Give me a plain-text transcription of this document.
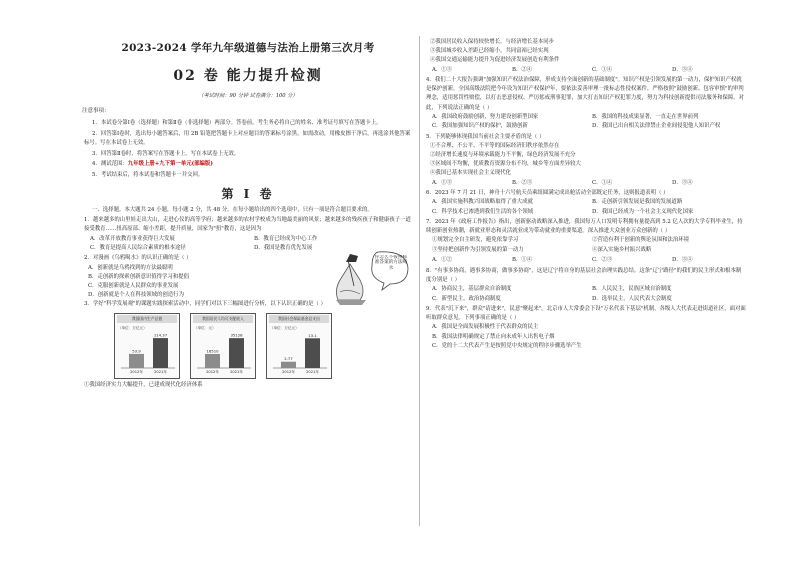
2023-2024 学年九年级道德与法治上册第三次月考
02 卷 能力提升检测
（考试时间：90 分钟 试卷满分：100 分）
注意事项：
1．本试卷分第Ⅰ卷（选择题）和第Ⅱ卷（非选择题）两部分。答卷前，考生务必将自己的姓名、准考证号填写在答题卡上。
2．回答第Ⅰ卷时，选出每小题答案后，用 2B 铅笔把答题卡上对应题目的答案标号涂黑。如需改动，用橡皮擦干净后，再选涂其他答案标号。写在本试卷上无效。
3．回答第Ⅱ卷时，将答案写在答题卡上。写在本试卷上无效。
4．测试范围：九年级上册+九下第一单元(部编版)
5．考试结束后，将本试卷和答题卡一并交回。
第 I 卷
一、选择题。本大题共 24 小题，每小题 2 分，共 48 分。在每小题给出的四个选项中，只有一项是符合题目要求的。
1．越来越多的山里娃走出大山，走进心仪的高等学府；越来越多的农村学校成为当地最美丽的风景；越来越多的残疾孩子和健康孩子一道接受教育……扭高原部、缩小差距，提升质量，国家为"扭"教育，这是因为
A．改革开放教育事业获得巨大发展	B．教育已经成为中心工作
C．教育是提高人民综合素质的根本途径	D．我国是教育优先发展
2．对漫画《乌鸦喝水》的认识正确的是（ ）
A．创新就是乌鸦找到的方法最聪明
B．走创新的探索创新意识值得学习和提倡
C．克服创新就是人民群众的事业发展
D．创新就是个人在科技领域的创造行为
你怎么不按照标准答案的方法喝水
3．学好"科学发展观"的课题实践探索活动中，同学们对以下三幅图进行分析，以下认识正确的是（ ）
我国国内生产总值
（单位：万亿元）
53.9
2012年
114.37
2021年
我国居民人均可支配收入
（单位：元）
16510
2012年
35128
2021年
我国社会保险基金总支出
（单位：万亿元）
2.77
2012年
13.1
2021年
①我国经济实力大幅提升，已建成现代化经济体系
②我国居民收入保持较快增长，与经济增长基本同步
③我国城乡收入差距已经缩小，共同富裕已经实现
④我国交通运输能力提升为促进经济发展创造有利条件
A．①③	B．②④	C．①④	D．③④
4．我们二十大报告强调"加强知识产权法治保障，形成支持全面创新的基础制度"。知识产权是引领发展的第一动力，保护知识产权就是保护创新。全国高级法院把今年设为知识产权保护年，要依法妥善审理一批标志性侵权案件，严格按照"鼓励创新、包容审慎"的审判理念，适用惩罚性赔偿，以打击恶意侵权、严厉惩戒刑事犯罪，加大打击知识产权犯罪力度，努力为科技创新提供司法服务和保障。对此，下列说法正确的是（ ）
A．我国政府鼓励创新，努力建设创新型国家	B．我国的科技成果显著，一直走在世界前列
C．我国加强知识产权的保护，鼓励创新	D．我国已出台相关法律禁止企业间侵犯他人知识产权
5．下列能够体现我国当前社会主要矛盾的是（ ）
①不合理、不公平、不平等的国际经济旧秩序依然存在
②经济增长速度与环境承载能力不平衡，绿色经济发展不充分
③区域间不均衡，优质教育资源分布不均，城乡等方面差异较大
④我国已基本实现社会主义现代化
A．①③	B．②③	C．①④	D．③④
6．2023 年 7 月 21 日，神舟十六号航天员乘组圆满完成出舱活动全部既定任务，这则报道表明（ ）
A．我国实施科教兴国战略取得了重大成就	B．走创新引领发展是我国的发展道路
C．科学技术已渗透到我们生活的各个领域	D．我国已经成为一个社会主义现代化国家
7．2023 年《政府工作报告》指出，创新驱动战略深入推进，我国每万人口发明专利拥有量提高到 5.2 亿人次的大学专科毕业生，持续创新创业热潮，新就业形态和灵活就业成为带动就业的重要渠道。深入推进大众创业万众创新的（ ）
①规划完全自主研发，避免依靠学习	②营造有利于创新的舆论氛围和法治环境
③坚持把创新作为引领发展的第一动力	④深入实施乡村振兴战略
A．①②	B．①④	C．②③	D．③④
8．"有事多协商，遇事多协商，做事多协商"，这是辽宁将自身的基层社会治理实践总结。这条"辽宁路径"的我们的民主形式和根本制度分别是（ ）
A．协商民主，基层群众自治制度	B．人民民主，民族区域自治制度
C．新型民主，政治协商制度	D．选举民主，人民代表大会制度
9．代表"沉下来"，群众"请进来"，民意"聚起来"。北京市人大常委会下设"万名代表下基层"机制，各级人大代表走进街道社区，面对面听取群众意见。下列事项正确的是（ ）
A．我国是全面发展积极性于代表群众的民主
B．我国法律明确规定了禁止向未成年人出售电子烟
C．党的十二大代表产生是按照党中央规定的程序步骤选举产生
